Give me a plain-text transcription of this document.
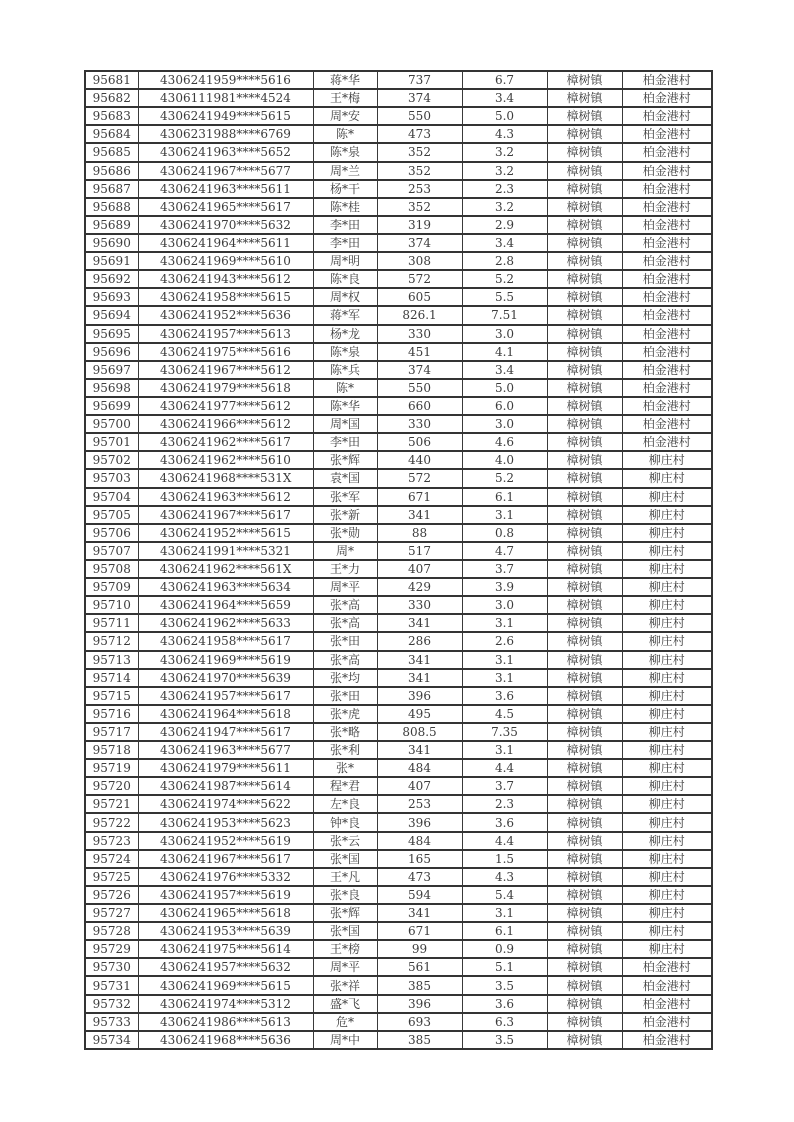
95681	4306241959****5616	蒋*华	737	6.7	樟树镇	柏金港村
95682	4306111981****4524	王*梅	374	3.4	樟树镇	柏金港村
95683	4306241949****5615	周*安	550	5.0	樟树镇	柏金港村
95684	4306231988****6769	陈*	473	4.3	樟树镇	柏金港村
95685	4306241963****5652	陈*泉	352	3.2	樟树镇	柏金港村
95686	4306241967****5677	周*兰	352	3.2	樟树镇	柏金港村
95687	4306241963****5611	杨*干	253	2.3	樟树镇	柏金港村
95688	4306241965****5617	陈*桂	352	3.2	樟树镇	柏金港村
95689	4306241970****5632	李*田	319	2.9	樟树镇	柏金港村
95690	4306241964****5611	李*田	374	3.4	樟树镇	柏金港村
95691	4306241969****5610	周*明	308	2.8	樟树镇	柏金港村
95692	4306241943****5612	陈*良	572	5.2	樟树镇	柏金港村
95693	4306241958****5615	周*权	605	5.5	樟树镇	柏金港村
95694	4306241952****5636	蒋*军	826.1	7.51	樟树镇	柏金港村
95695	4306241957****5613	杨*龙	330	3.0	樟树镇	柏金港村
95696	4306241975****5616	陈*泉	451	4.1	樟树镇	柏金港村
95697	4306241967****5612	陈*兵	374	3.4	樟树镇	柏金港村
95698	4306241979****5618	陈*	550	5.0	樟树镇	柏金港村
95699	4306241977****5612	陈*华	660	6.0	樟树镇	柏金港村
95700	4306241966****5612	周*国	330	3.0	樟树镇	柏金港村
95701	4306241962****5617	李*田	506	4.6	樟树镇	柏金港村
95702	4306241962****5610	张*辉	440	4.0	樟树镇	柳庄村
95703	4306241968****531X	袁*国	572	5.2	樟树镇	柳庄村
95704	4306241963****5612	张*军	671	6.1	樟树镇	柳庄村
95705	4306241967****5617	张*新	341	3.1	樟树镇	柳庄村
95706	4306241952****5615	张*勋	88	0.8	樟树镇	柳庄村
95707	4306241991****5321	周*	517	4.7	樟树镇	柳庄村
95708	4306241962****561X	王*力	407	3.7	樟树镇	柳庄村
95709	4306241963****5634	周*平	429	3.9	樟树镇	柳庄村
95710	4306241964****5659	张*高	330	3.0	樟树镇	柳庄村
95711	4306241962****5633	张*高	341	3.1	樟树镇	柳庄村
95712	4306241958****5617	张*田	286	2.6	樟树镇	柳庄村
95713	4306241969****5619	张*高	341	3.1	樟树镇	柳庄村
95714	4306241970****5639	张*均	341	3.1	樟树镇	柳庄村
95715	4306241957****5617	张*田	396	3.6	樟树镇	柳庄村
95716	4306241964****5618	张*虎	495	4.5	樟树镇	柳庄村
95717	4306241947****5617	张*略	808.5	7.35	樟树镇	柳庄村
95718	4306241963****5677	张*利	341	3.1	樟树镇	柳庄村
95719	4306241979****5611	张*	484	4.4	樟树镇	柳庄村
95720	4306241987****5614	程*君	407	3.7	樟树镇	柳庄村
95721	4306241974****5622	左*良	253	2.3	樟树镇	柳庄村
95722	4306241953****5623	钟*良	396	3.6	樟树镇	柳庄村
95723	4306241952****5619	张*云	484	4.4	樟树镇	柳庄村
95724	4306241967****5617	张*国	165	1.5	樟树镇	柳庄村
95725	4306241976****5332	王*凡	473	4.3	樟树镇	柳庄村
95726	4306241957****5619	张*良	594	5.4	樟树镇	柳庄村
95727	4306241965****5618	张*辉	341	3.1	樟树镇	柳庄村
95728	4306241953****5639	张*国	671	6.1	樟树镇	柳庄村
95729	4306241975****5614	王*榜	99	0.9	樟树镇	柳庄村
95730	4306241957****5632	周*平	561	5.1	樟树镇	柏金港村
95731	4306241969****5615	张*祥	385	3.5	樟树镇	柏金港村
95732	4306241974****5312	盛*飞	396	3.6	樟树镇	柏金港村
95733	4306241986****5613	危*	693	6.3	樟树镇	柏金港村
95734	4306241968****5636	周*中	385	3.5	樟树镇	柏金港村
